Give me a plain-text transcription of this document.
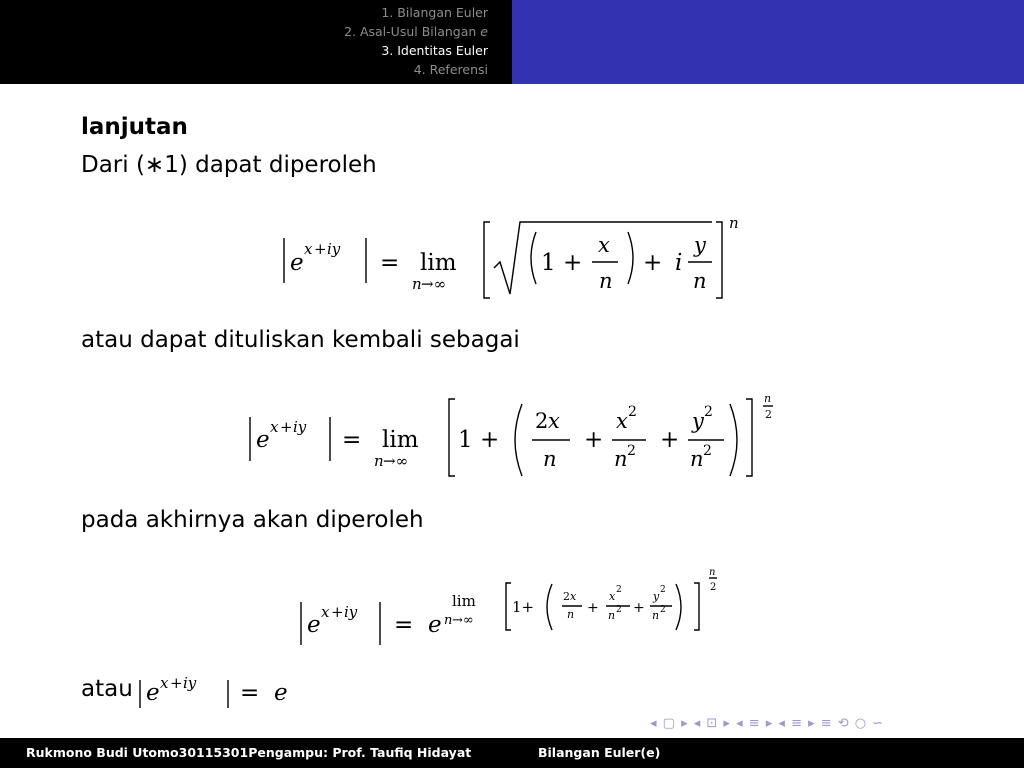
1. Bilangan Euler
2. Asal-Usul Bilangan e
3. Identitas Euler
4. Referensi
lanjutan
Dari (∗1) dapat diperoleh
atau dapat dituliskan kembali sebagai
pada akhirnya akan diperoleh
atau
e
x + iy
= lim
n →∞
1 +
x
n
+ i
y
n
n
e x + iy = lim
n →∞
1 +
2 x
n
+
x 2
n 2 +
y 2
n 2
n
2
e x + iy = e
lim
n →∞
1+
2 x
n +
x 2
n 2 +
y 2
n 2
n
2
e x + iy = e
◂ ▢ ▸ ◂ ⊡ ▸ ◂ ≡ ▸ ◂ ≡ ▸ ≡ ⟲ ○ ∽
Rukmono Budi Utomo30115301Pengampu: Prof. Taufiq Hidayat	Bilangan Euler(e)
